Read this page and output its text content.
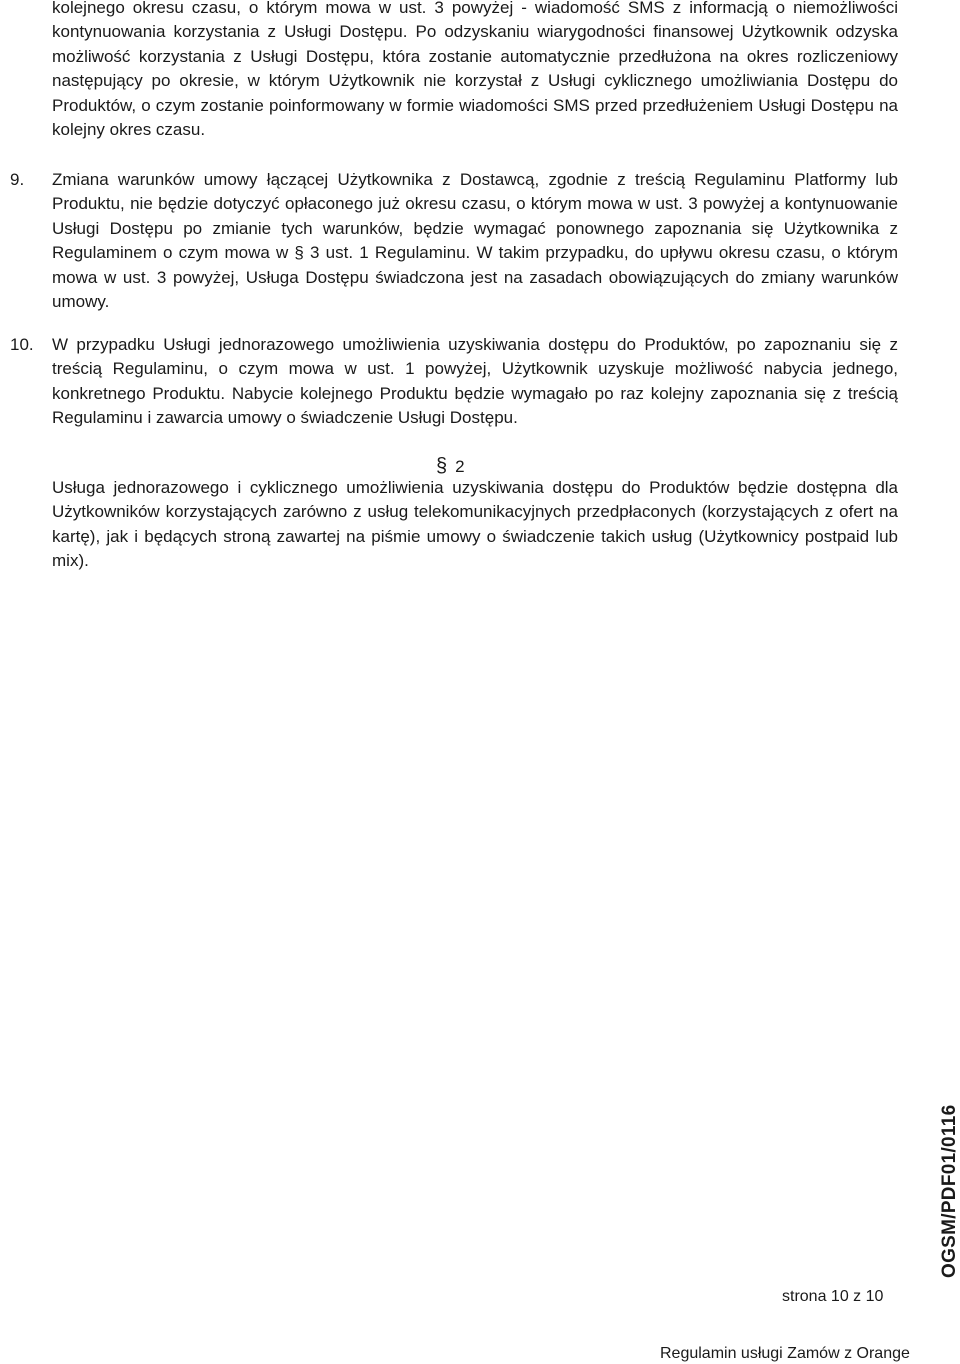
kolejnego okresu czasu, o którym mowa w ust. 3 powyżej - wiadomość SMS z informacją o niemożliwości kontynuowania korzystania z Usługi Dostępu. Po odzyskaniu wiarygodności finansowej Użytkownik odzyska możliwość korzystania z Usługi Dostępu, która zostanie automatycznie przedłużona na okres rozliczeniowy następujący po okresie, w którym Użytkownik nie korzystał z Usługi cyklicznego umożliwiania Dostępu do Produktów, o czym zostanie poinformowany w formie wiadomości SMS przed przedłużeniem Usługi Dostępu na kolejny okres czasu.

9. Zmiana warunków umowy łączącej Użytkownika z Dostawcą, zgodnie z treścią Regulaminu Platformy lub Produktu, nie będzie dotyczyć opłaconego już okresu czasu, o którym mowa w ust. 3 powyżej a kontynuowanie Usługi Dostępu po zmianie tych warunków, będzie wymagać ponownego zapoznania się Użytkownika z Regulaminem o czym mowa w § 3 ust. 1 Regulaminu. W takim przypadku, do upływu okresu czasu, o którym mowa w ust. 3 powyżej, Usługa Dostępu świadczona jest na zasadach obowiązujących do zmiany warunków umowy.

10. W przypadku Usługi jednorazowego umożliwienia uzyskiwania dostępu do Produktów, po zapoznaniu się z treścią Regulaminu, o czym mowa w ust. 1 powyżej, Użytkownik uzyskuje możliwość nabycia jednego, konkretnego Produktu. Nabycie kolejnego Produktu będzie wymagało po raz kolejny zapoznania się z treścią Regulaminu i zawarcia umowy o świadczenie Usługi Dostępu.

§ 2

Usługa jednorazowego i cyklicznego umożliwienia uzyskiwania dostępu do Produktów będzie dostępna dla Użytkowników korzystających zarówno z usług telekomunikacyjnych przedpłaconych (korzystających z ofert na kartę), jak i będących stroną zawartej na piśmie umowy o świadczenie takich usług (Użytkownicy postpaid lub mix).

strona 10 z 10
Regulamin usługi Zamów z Orange
OGSM/PDF01/0116
